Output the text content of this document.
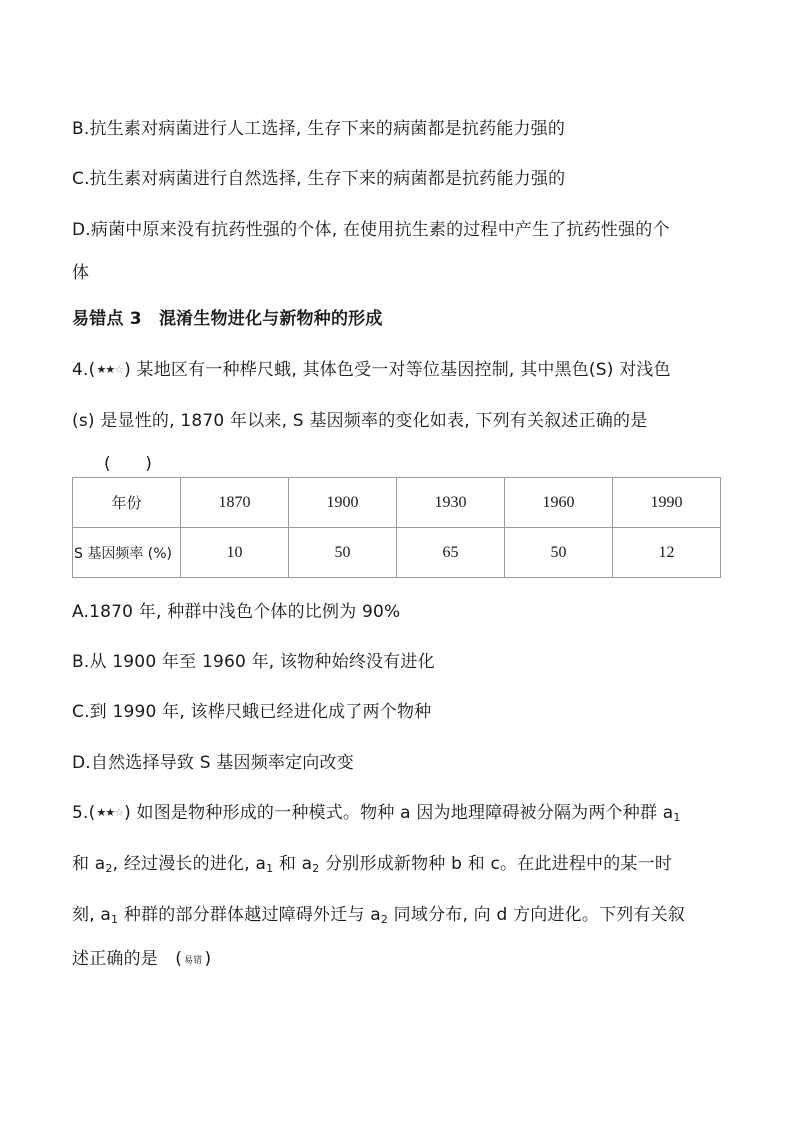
B.抗生素对病菌进行人工选择, 生存下来的病菌都是抗药能力强的
C.抗生素对病菌进行自然选择, 生存下来的病菌都是抗药能力强的
D.病菌中原来没有抗药性强的个体, 在使用抗生素的过程中产生了抗药性强的个
体
易错点 3　混淆生物进化与新物种的形成
4.(★★☆) 某地区有一种桦尺蛾, 其体色受一对等位基因控制, 其中黑色(S) 对浅色
(s) 是显性的, 1870 年以来, S 基因频率的变化如表, 下列有关叙述正确的是
(　　)
年份	1870	1900	1930	1960	1990
S 基因频率 (%)	10	50	65	50	12
A.1870 年, 种群中浅色个体的比例为 90%
B.从 1900 年至 1960 年, 该物种始终没有进化
C.到 1990 年, 该桦尺蛾已经进化成了两个物种
D.自然选择导致 S 基因频率定向改变
5.(★★☆) 如图是物种形成的一种模式。物种 a 因为地理障碍被分隔为两个种群 $a_1$
和 $a_2$, 经过漫长的进化, $a_1$ 和 $a_2$ 分别形成新物种 b 和 c。在此进程中的某一时
刻, $a_1$ 种群的部分群体越过障碍外迁与 $a_2$ 同域分布, 向 d 方向进化。下列有关叙
述正确的是　( 易错 )
